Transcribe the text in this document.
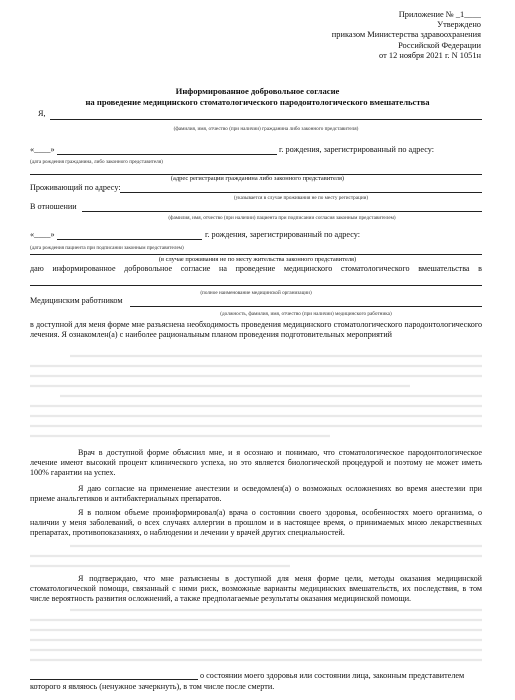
Приложение № _1____
Утверждено
приказом Министерства здравоохранения
Российской Федерации
от 12 ноября 2021 г. N 1051н
Информированное добровольное согласие
на проведение медицинского стоматологического пародонтологического вмешательства
Я,
(фамилия, имя, отчество (при наличии) гражданина либо законного представителя)
«____»	г. рождения, зарегистрированный по адресу:
(дата рождения гражданина, либо законного представителя)
(адрес регистрации гражданина либо законного представителя)
Проживающий по адресу:
(указывается в случае проживания не по месту регистрации)
В отношении
(фамилия, имя, отчество (при наличии) пациента при подписании согласия законным представителем)
«____»	г. рождения, зарегистрированный по адресу:
(дата рождения пациента при подписании законным представителем)
(в случае проживания не по месту жительства законного представителя)
даю информированное добровольное согласие на проведение медицинского стоматологического вмешательства в
(полное наименование медицинской организации)
Медицинским работником
(должность, фамилия, имя, отчество (при наличии) медицинского работника)
в доступной для меня форме мне разъяснена необходимость проведения медицинского стоматологического пародонтологического лечения. Я ознакомлен(а) с наиболее рациональным планом проведения подготовительных мероприятий
Врач в доступной форме объяснил мне, и я осознаю и понимаю, что стоматологическое пародонтологическое лечение имеют высокий процент клинического успеха, но это является биологической процедурой и поэтому не может иметь 100% гарантии на успех.
Я даю согласие на применение анестезии и осведомлен(а) о возможных осложнениях во время анестезии при приеме анальгетиков и антибактериальных препаратов.
Я в полном объеме проинформировал(а) врача о состоянии своего здоровья, особенностях моего организма, о наличии у меня заболеваний, о всех случаях аллергии в прошлом и в настоящее время, о принимаемых мною лекарственных препаратах, противопоказаниях, о наблюдении и лечении у врачей других специальностей.
Я подтверждаю, что мне разъяснены в доступной для меня форме цели, методы оказания медицинской стоматологической помощи, связанный с ними риск, возможные варианты медицинских вмешательств, их последствия, в том числе вероятность развития осложнений, а также предполагаемые результаты оказания медицинской помощи.
о состоянии моего здоровья или состоянии лица, законным представителем
которого я являюсь (ненужное зачеркнуть), в том числе после смерти.
